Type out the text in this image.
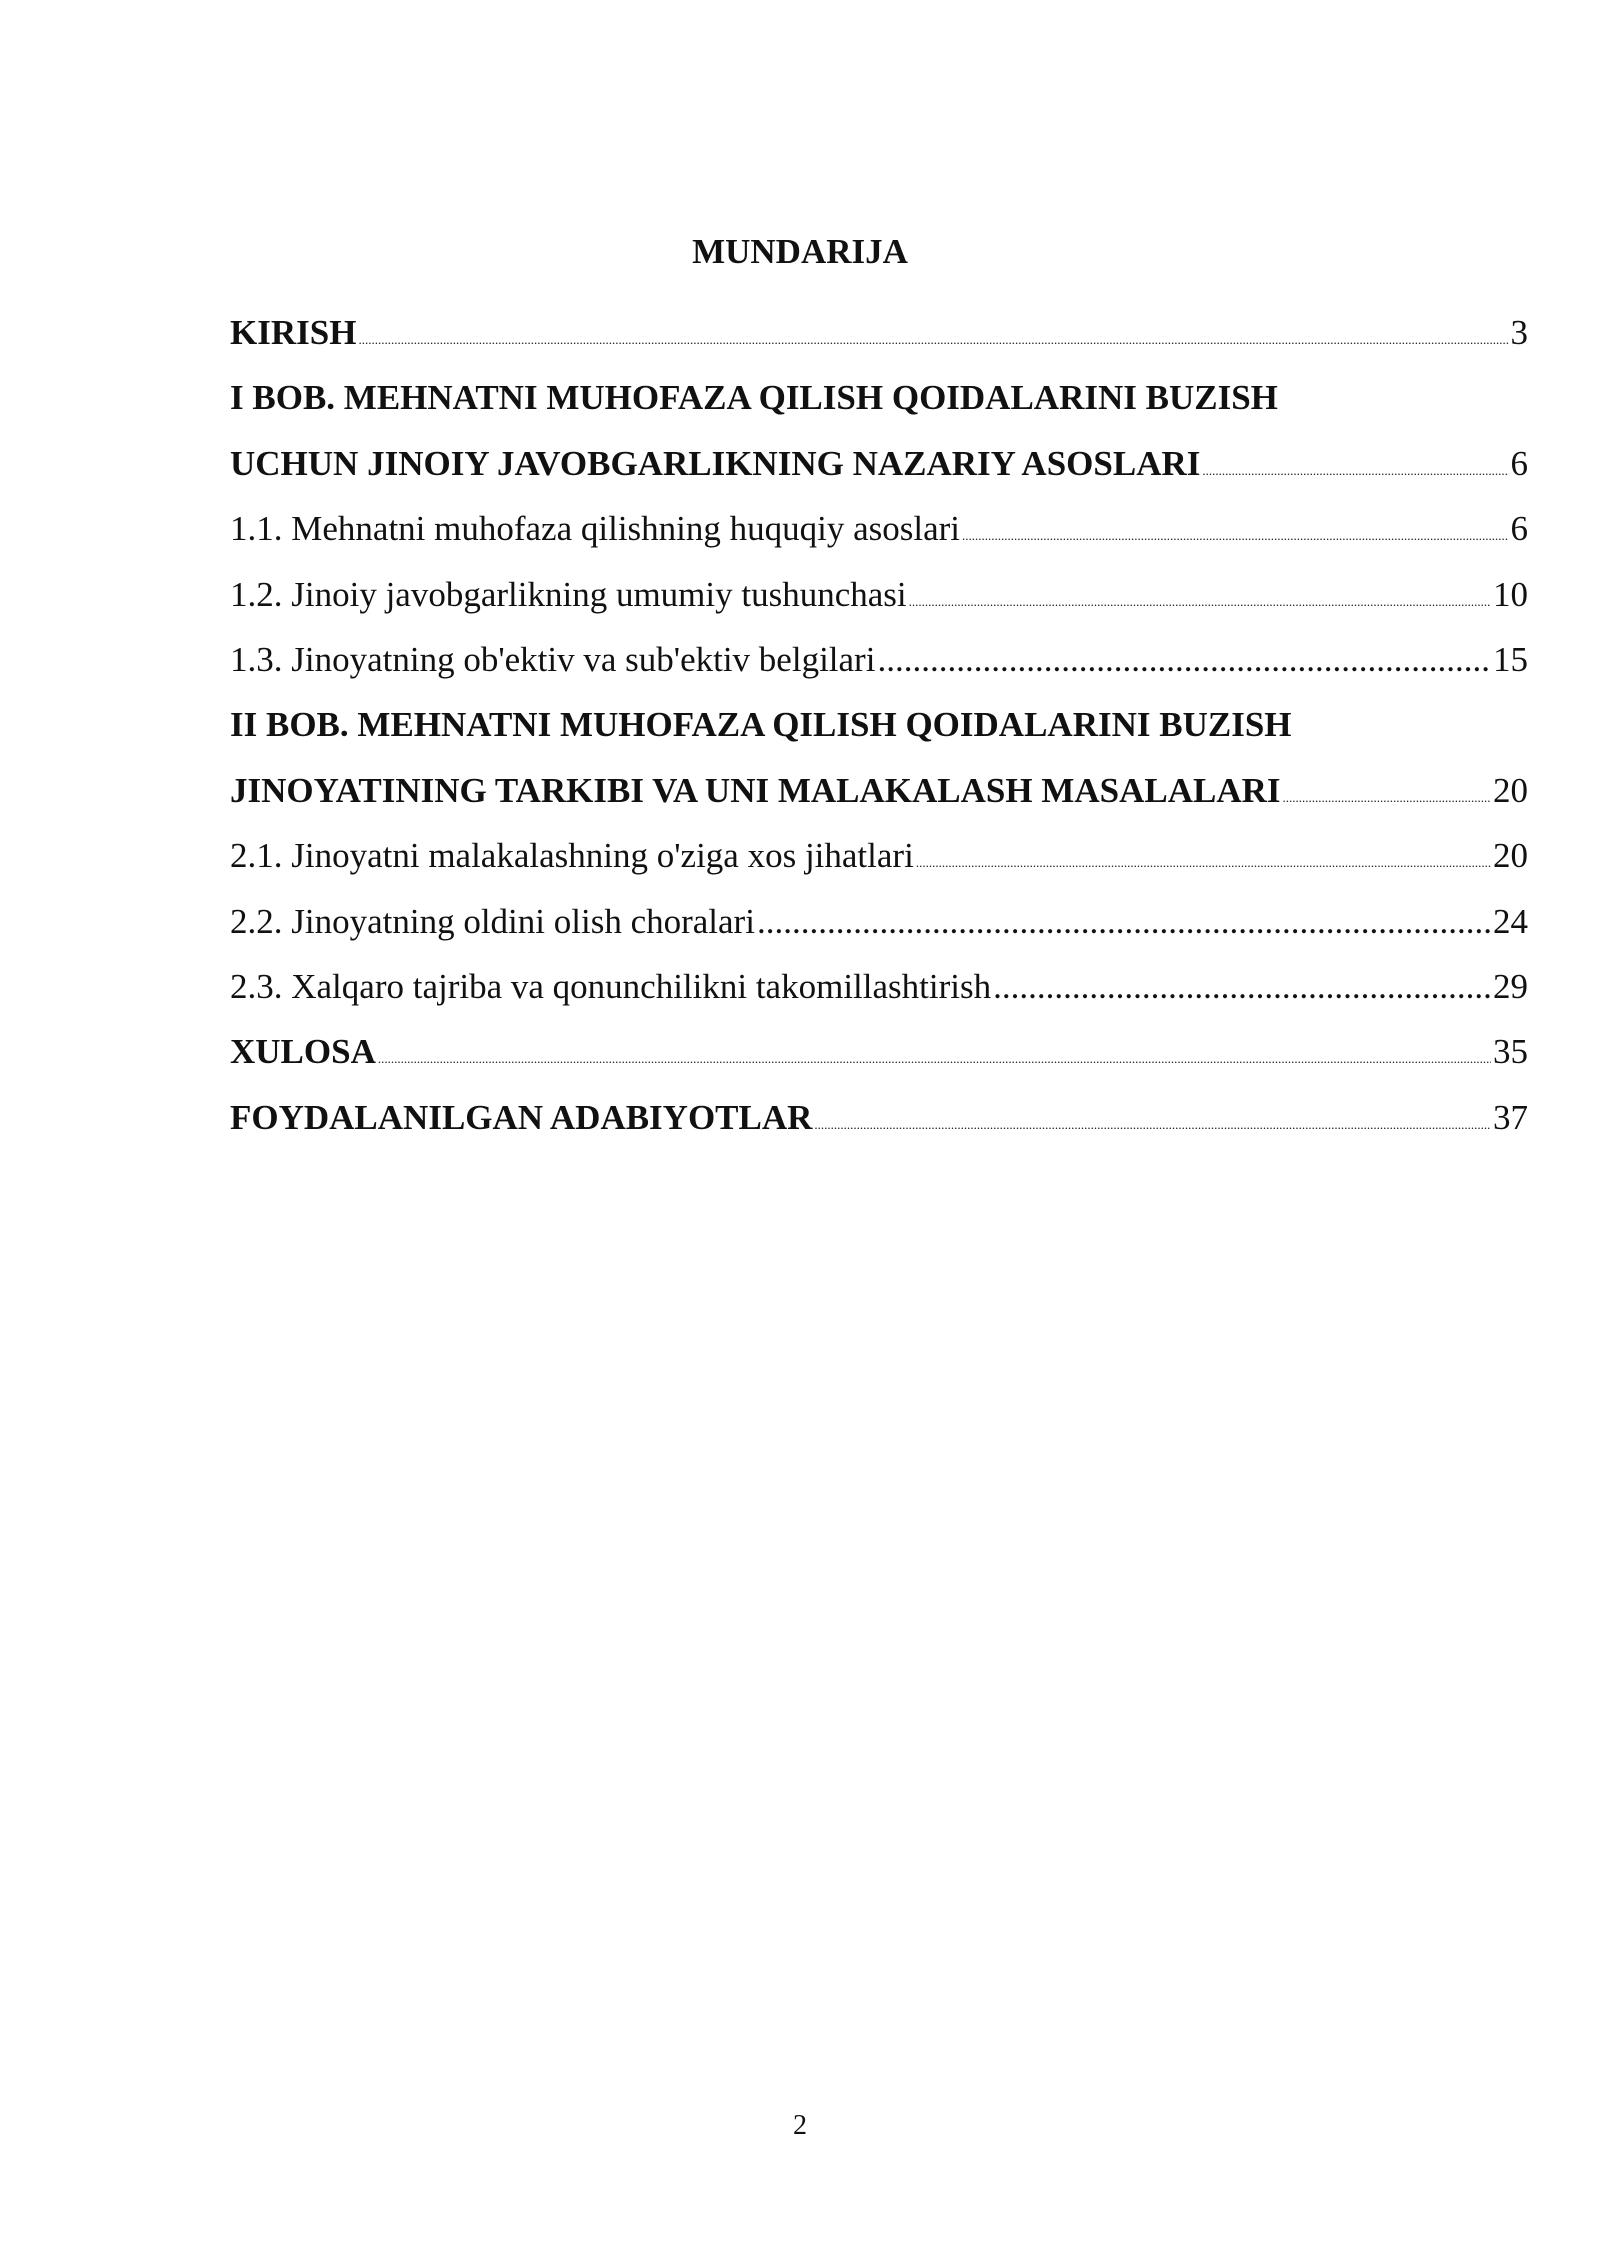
MUNDARIJA
KIRISH .....	3
I BOB. MEHNATNI MUHOFAZA QILISH QOIDALARINI BUZISH
UCHUN JINOIY JAVOBGARLIKNING NAZARIY ASOSLARI .....	6
1.1. Mehnatni muhofaza qilishning huquqiy asoslari .....	6
1.2. Jinoiy javobgarlikning umumiy tushunchasi .....	10
1.3. Jinoyatning ob'ektiv va sub'ektiv belgilari .....	15
II BOB. MEHNATNI MUHOFAZA QILISH QOIDALARINI BUZISH
JINOYATINING TARKIBI VA UNI MALAKALASH MASALALARI .....	20
2.1. Jinoyatni malakalashning o'ziga xos jihatlari .....	20
2.2. Jinoyatning oldini olish choralari .....	24
2.3. Xalqaro tajriba va qonunchilikni takomillashtirish .....	29
XULOSA .....	35
FOYDALANILGAN ADABIYOTLAR .....	37
2
